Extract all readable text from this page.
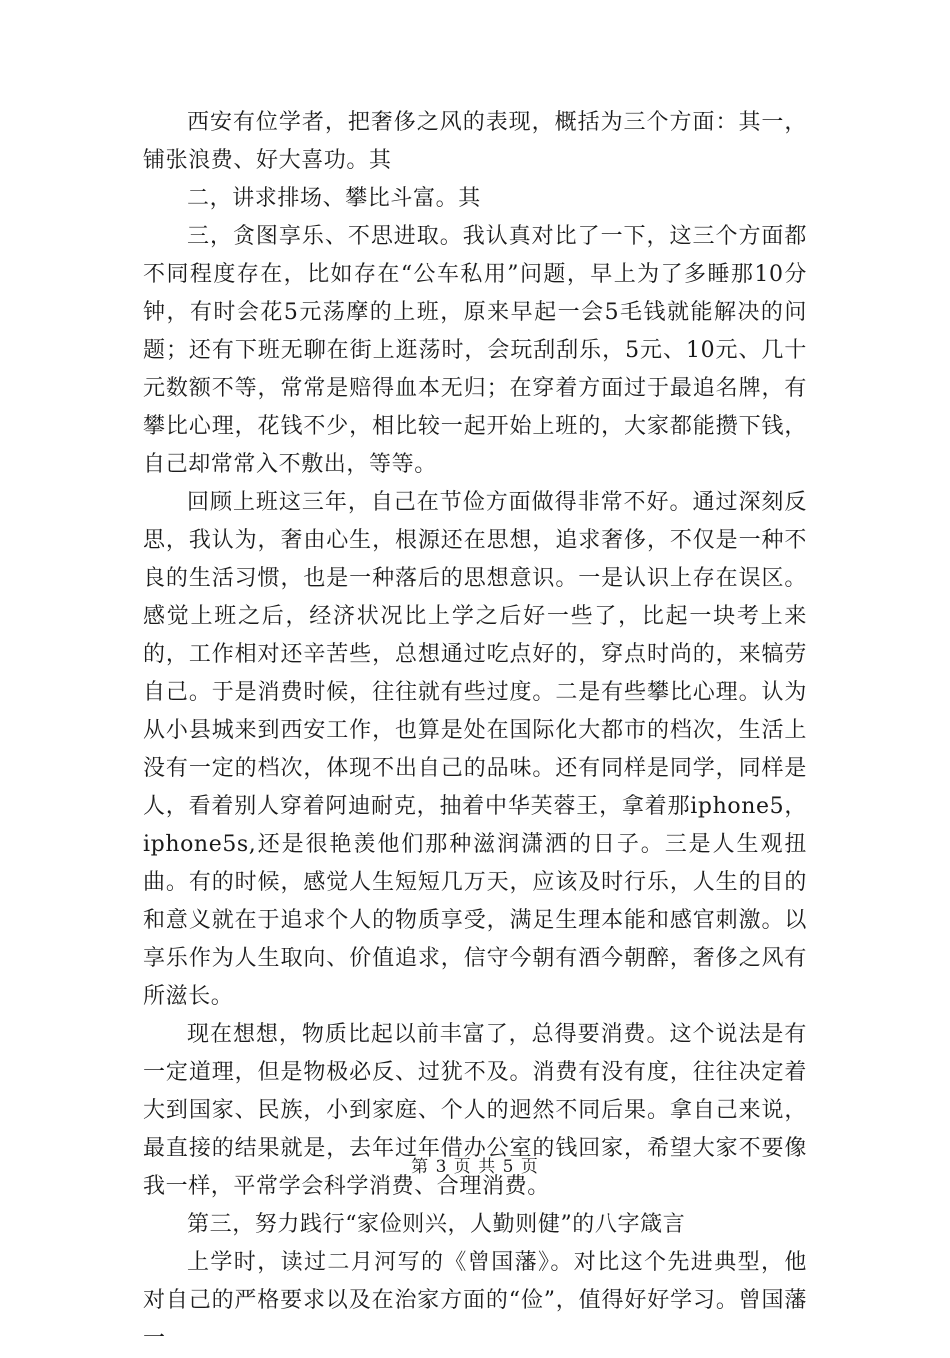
西安有位学者，把奢侈之风的表现，概括为三个方面：其一，铺张浪费、好大喜功。其

二，讲求排场、攀比斗富。其

三，贪图享乐、不思进取。我认真对比了一下，这三个方面都不同程度存在，比如存在“公车私用”问题，早上为了多睡那10分钟，有时会花5元荡摩的上班，原来早起一会5毛钱就能解决的问题；还有下班无聊在街上逛荡时，会玩刮刮乐，5元、10元、几十元数额不等，常常是赔得血本无归；在穿着方面过于最追名牌，有攀比心理，花钱不少，相比较一起开始上班的，大家都能攒下钱，自己却常常入不敷出，等等。

回顾上班这三年，自己在节俭方面做得非常不好。通过深刻反思，我认为，奢由心生，根源还在思想，追求奢侈，不仅是一种不良的生活习惯，也是一种落后的思想意识。一是认识上存在误区。感觉上班之后，经济状况比上学之后好一些了，比起一块考上来的，工作相对还辛苦些，总想通过吃点好的，穿点时尚的，来犒劳自己。于是消费时候，往往就有些过度。二是有些攀比心理。认为从小县城来到西安工作，也算是处在国际化大都市的档次，生活上没有一定的档次，体现不出自己的品味。还有同样是同学，同样是人，看着别人穿着阿迪耐克，抽着中华芙蓉王，拿着那iphone5，iphone5s,还是很艳羡他们那种滋润潇洒的日子。三是人生观扭曲。有的时候，感觉人生短短几万天，应该及时行乐，人生的目的和意义就在于追求个人的物质享受，满足生理本能和感官刺激。以享乐作为人生取向、价值追求，信守今朝有酒今朝醉，奢侈之风有所滋长。

现在想想，物质比起以前丰富了，总得要消费。这个说法是有一定道理，但是物极必反、过犹不及。消费有没有度，往往决定着大到国家、民族，小到家庭、个人的迥然不同后果。拿自己来说，最直接的结果就是，去年过年借办公室的钱回家，希望大家不要像我一样，平常学会科学消费、合理消费。

第三，努力践行“家俭则兴，人勤则健”的八字箴言

上学时，读过二月河写的《曾国藩》。对比这个先进典型，他对自己的严格要求以及在治家方面的“俭”，值得好好学习。曾国藩一

第 3 页 共 5 页
